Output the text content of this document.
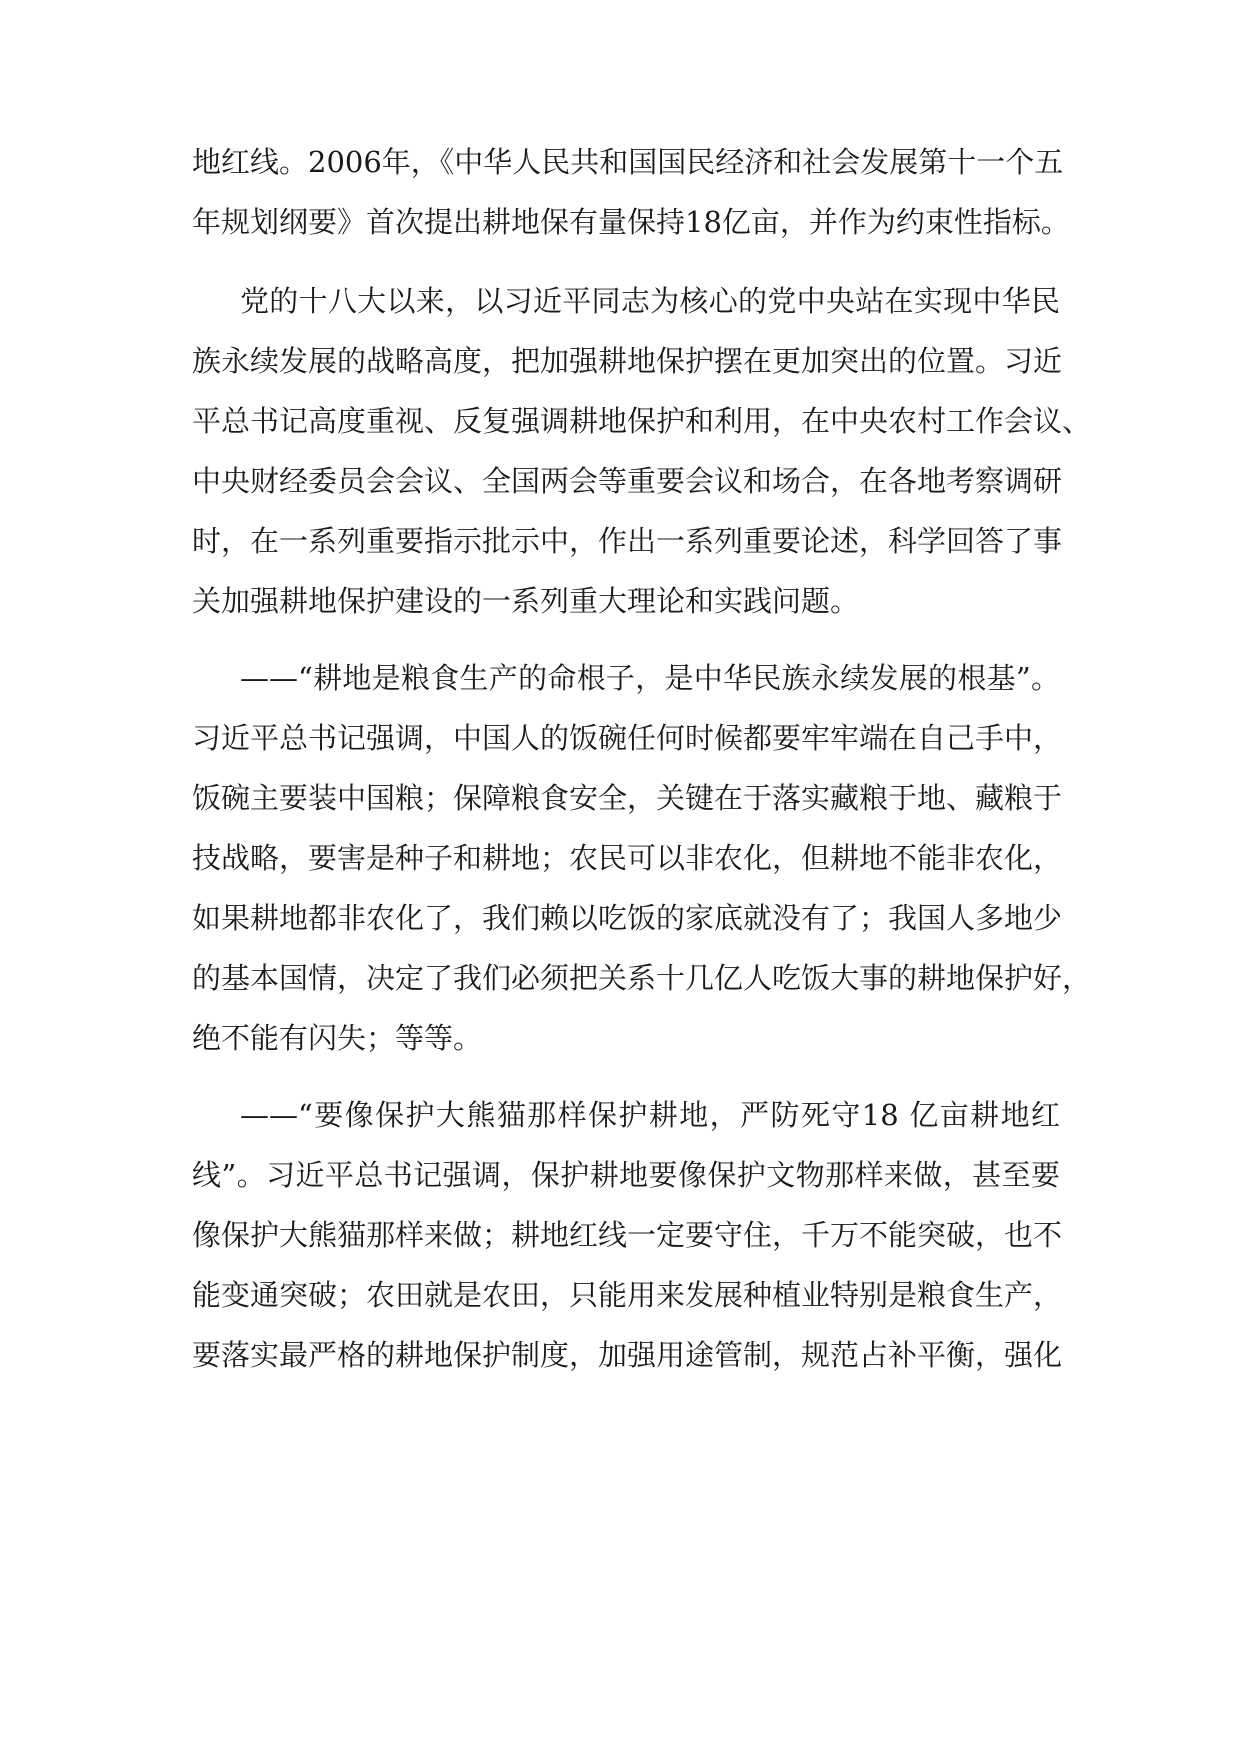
地红线。2006年，《中华人民共和国国民经济和社会发展第十一个五
年规划纲要》首次提出耕地保有量保持18亿亩，并作为约束性指标。
党的十八大以来，以习近平同志为核心的党中央站在实现中华民
族永续发展的战略高度，把加强耕地保护摆在更加突出的位置。习近
平总书记高度重视、反复强调耕地保护和利用，在中央农村工作会议、
中央财经委员会会议、全国两会等重要会议和场合，在各地考察调研
时，在一系列重要指示批示中，作出一系列重要论述，科学回答了事
关加强耕地保护建设的一系列重大理论和实践问题。
——“耕地是粮食生产的命根子，是中华民族永续发展的根基”。
习近平总书记强调，中国人的饭碗任何时候都要牢牢端在自己手中，
饭碗主要装中国粮；保障粮食安全，关键在于落实藏粮于地、藏粮于
技战略，要害是种子和耕地；农民可以非农化，但耕地不能非农化，
如果耕地都非农化了，我们赖以吃饭的家底就没有了；我国人多地少
的基本国情，决定了我们必须把关系十几亿人吃饭大事的耕地保护好，
绝不能有闪失；等等。
——“要像保护大熊猫那样保护耕地，严防死守18 亿亩耕地红
线”。习近平总书记强调，保护耕地要像保护文物那样来做，甚至要
像保护大熊猫那样来做；耕地红线一定要守住，千万不能突破，也不
能变通突破；农田就是农田，只能用来发展种植业特别是粮食生产，
要落实最严格的耕地保护制度，加强用途管制，规范占补平衡，强化
